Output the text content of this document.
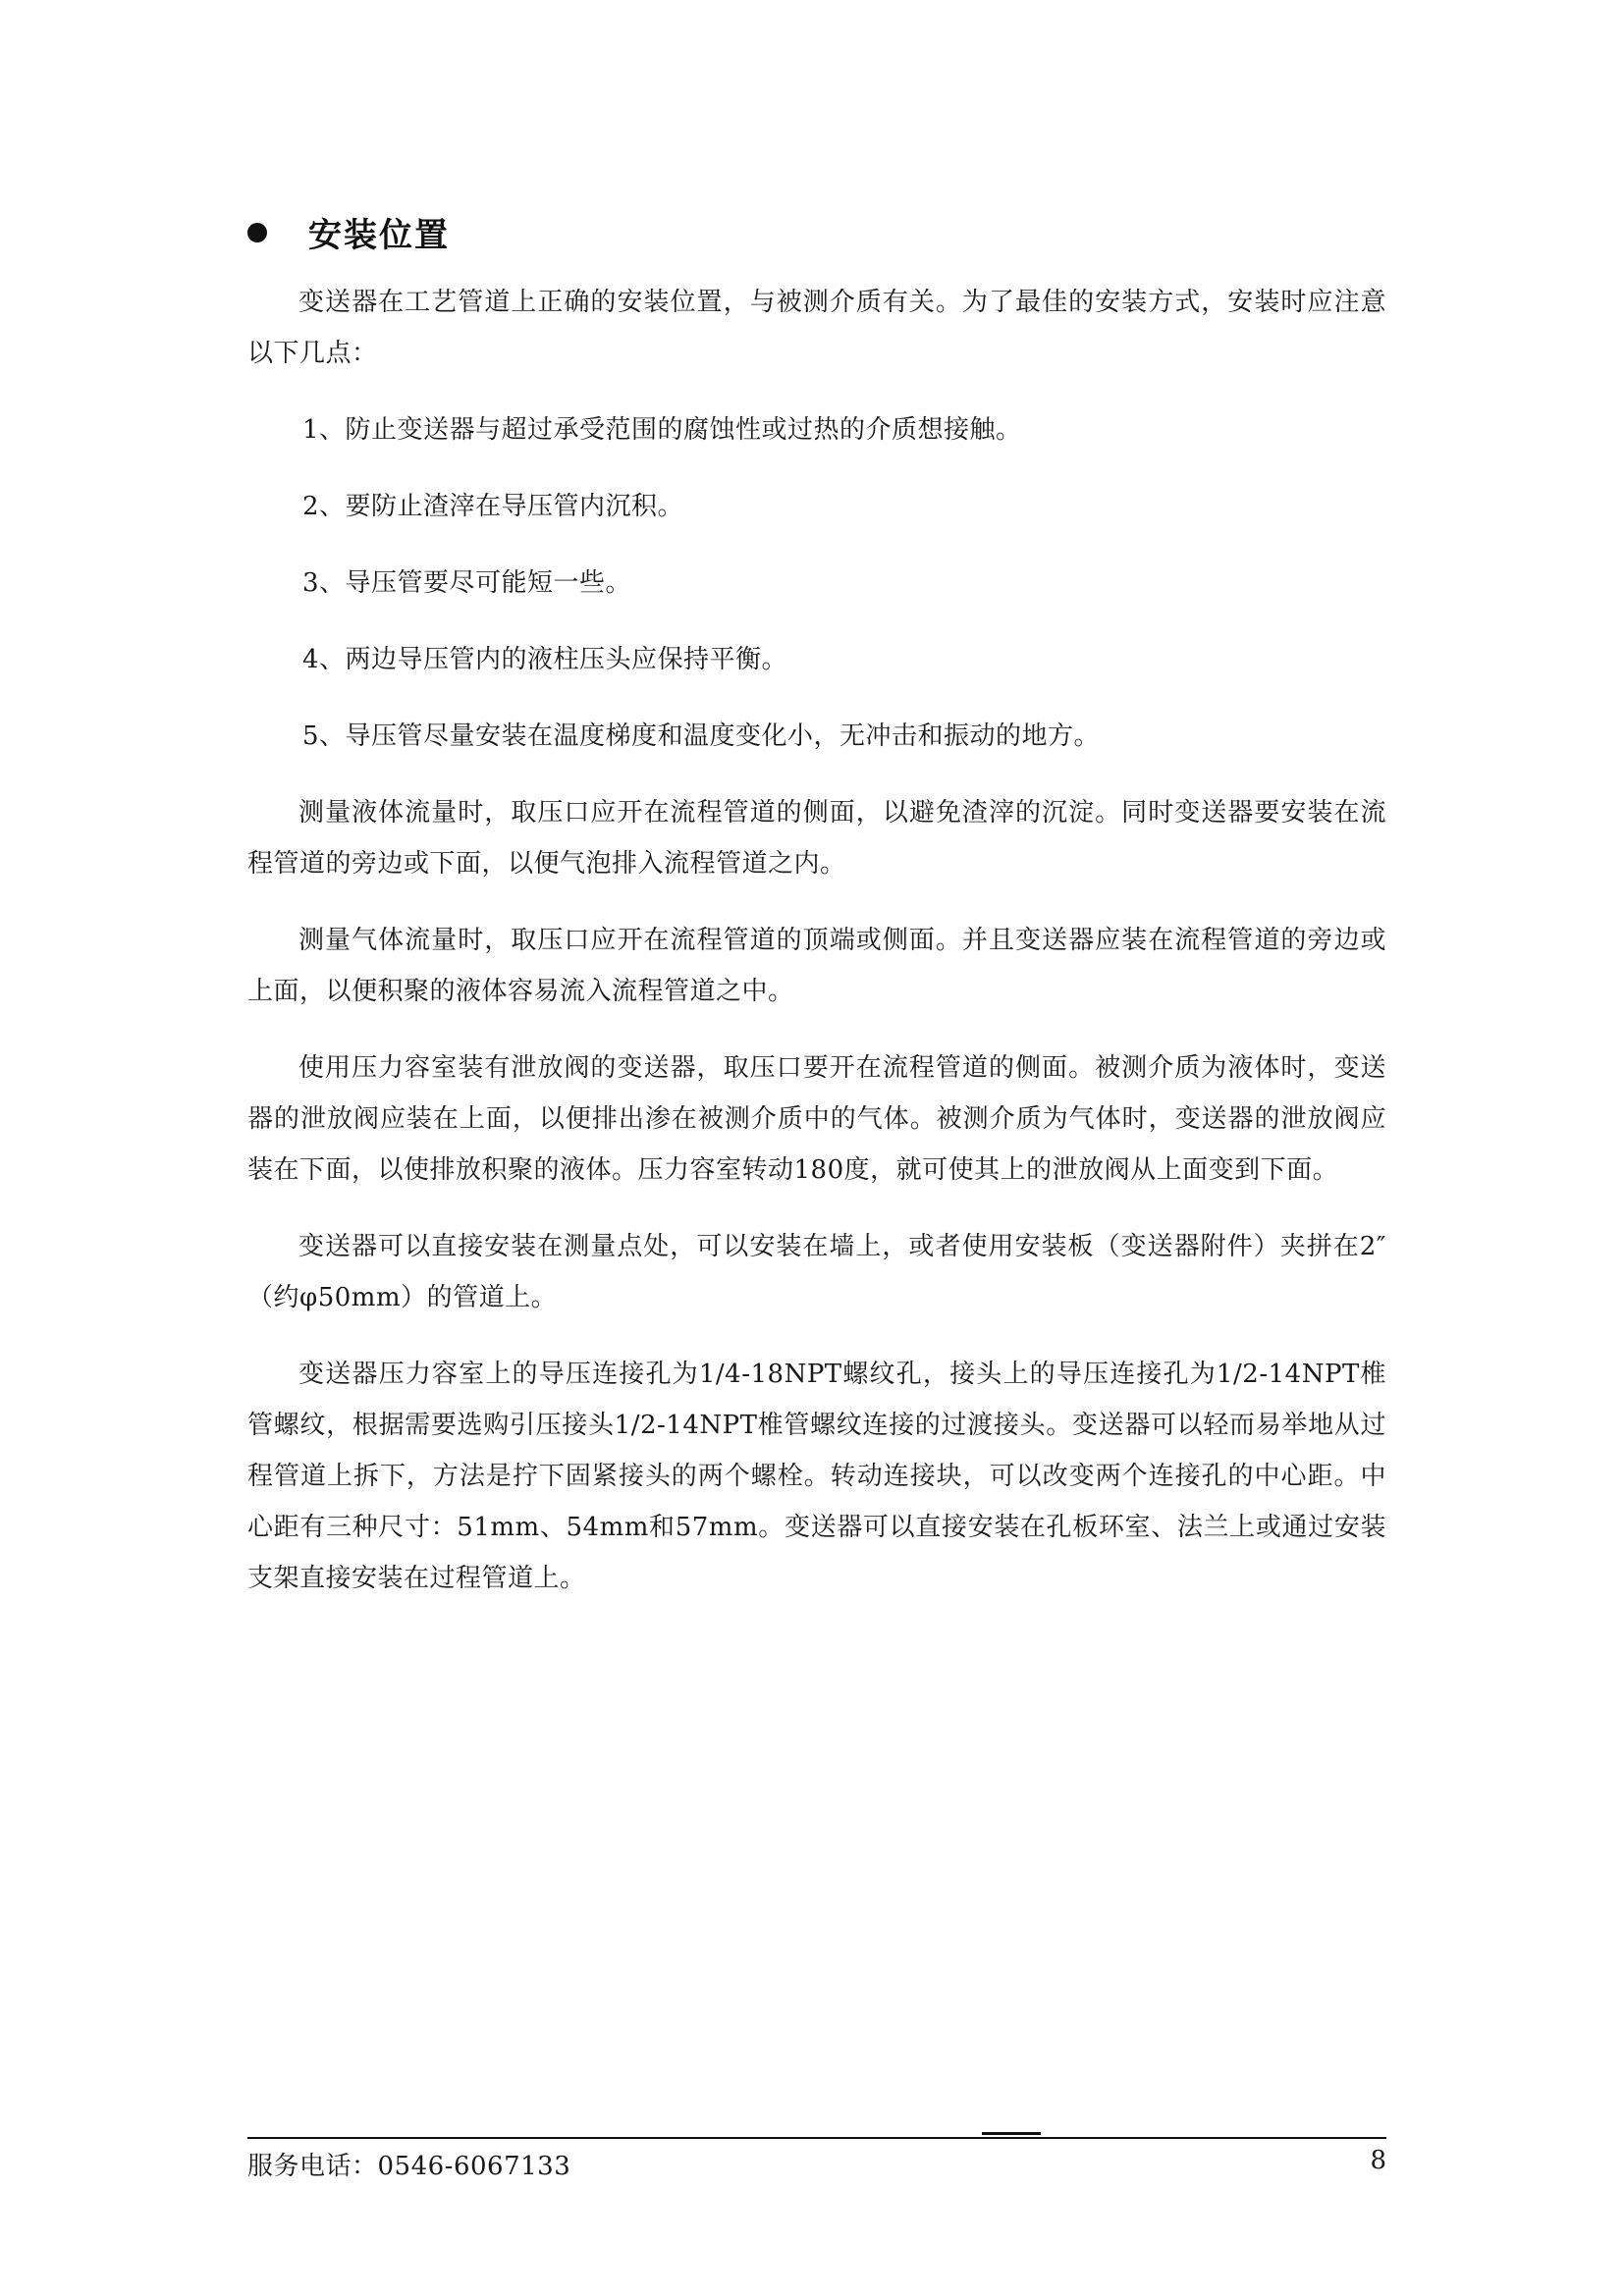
安装位置

变送器在工艺管道上正确的安装位置，与被测介质有关。为了最佳的安装方式，安装时应注意以下几点：

1、防止变送器与超过承受范围的腐蚀性或过热的介质想接触。
2、要防止渣滓在导压管内沉积。
3、导压管要尽可能短一些。
4、两边导压管内的液柱压头应保持平衡。
5、导压管尽量安装在温度梯度和温度变化小，无冲击和振动的地方。

测量液体流量时，取压口应开在流程管道的侧面，以避免渣滓的沉淀。同时变送器要安装在流程管道的旁边或下面，以便气泡排入流程管道之内。

测量气体流量时，取压口应开在流程管道的顶端或侧面。并且变送器应装在流程管道的旁边或上面，以便积聚的液体容易流入流程管道之中。

使用压力容室装有泄放阀的变送器，取压口要开在流程管道的侧面。被测介质为液体时，变送器的泄放阀应装在上面，以便排出渗在被测介质中的气体。被测介质为气体时，变送器的泄放阀应装在下面，以使排放积聚的液体。压力容室转动180度，就可使其上的泄放阀从上面变到下面。

变送器可以直接安装在测量点处，可以安装在墙上，或者使用安装板（变送器附件）夹拼在2″（约φ50mm）的管道上。

变送器压力容室上的导压连接孔为1/4-18NPT螺纹孔，接头上的导压连接孔为1/2-14NPT椎管螺纹，根据需要选购引压接头1/2-14NPT椎管螺纹连接的过渡接头。变送器可以轻而易举地从过程管道上拆下，方法是拧下固紧接头的两个螺栓。转动连接块，可以改变两个连接孔的中心距。中心距有三种尺寸：51mm、54mm和57mm。变送器可以直接安装在孔板环室、法兰上或通过安装支架直接安装在过程管道上。

服务电话：0546-6067133	8
